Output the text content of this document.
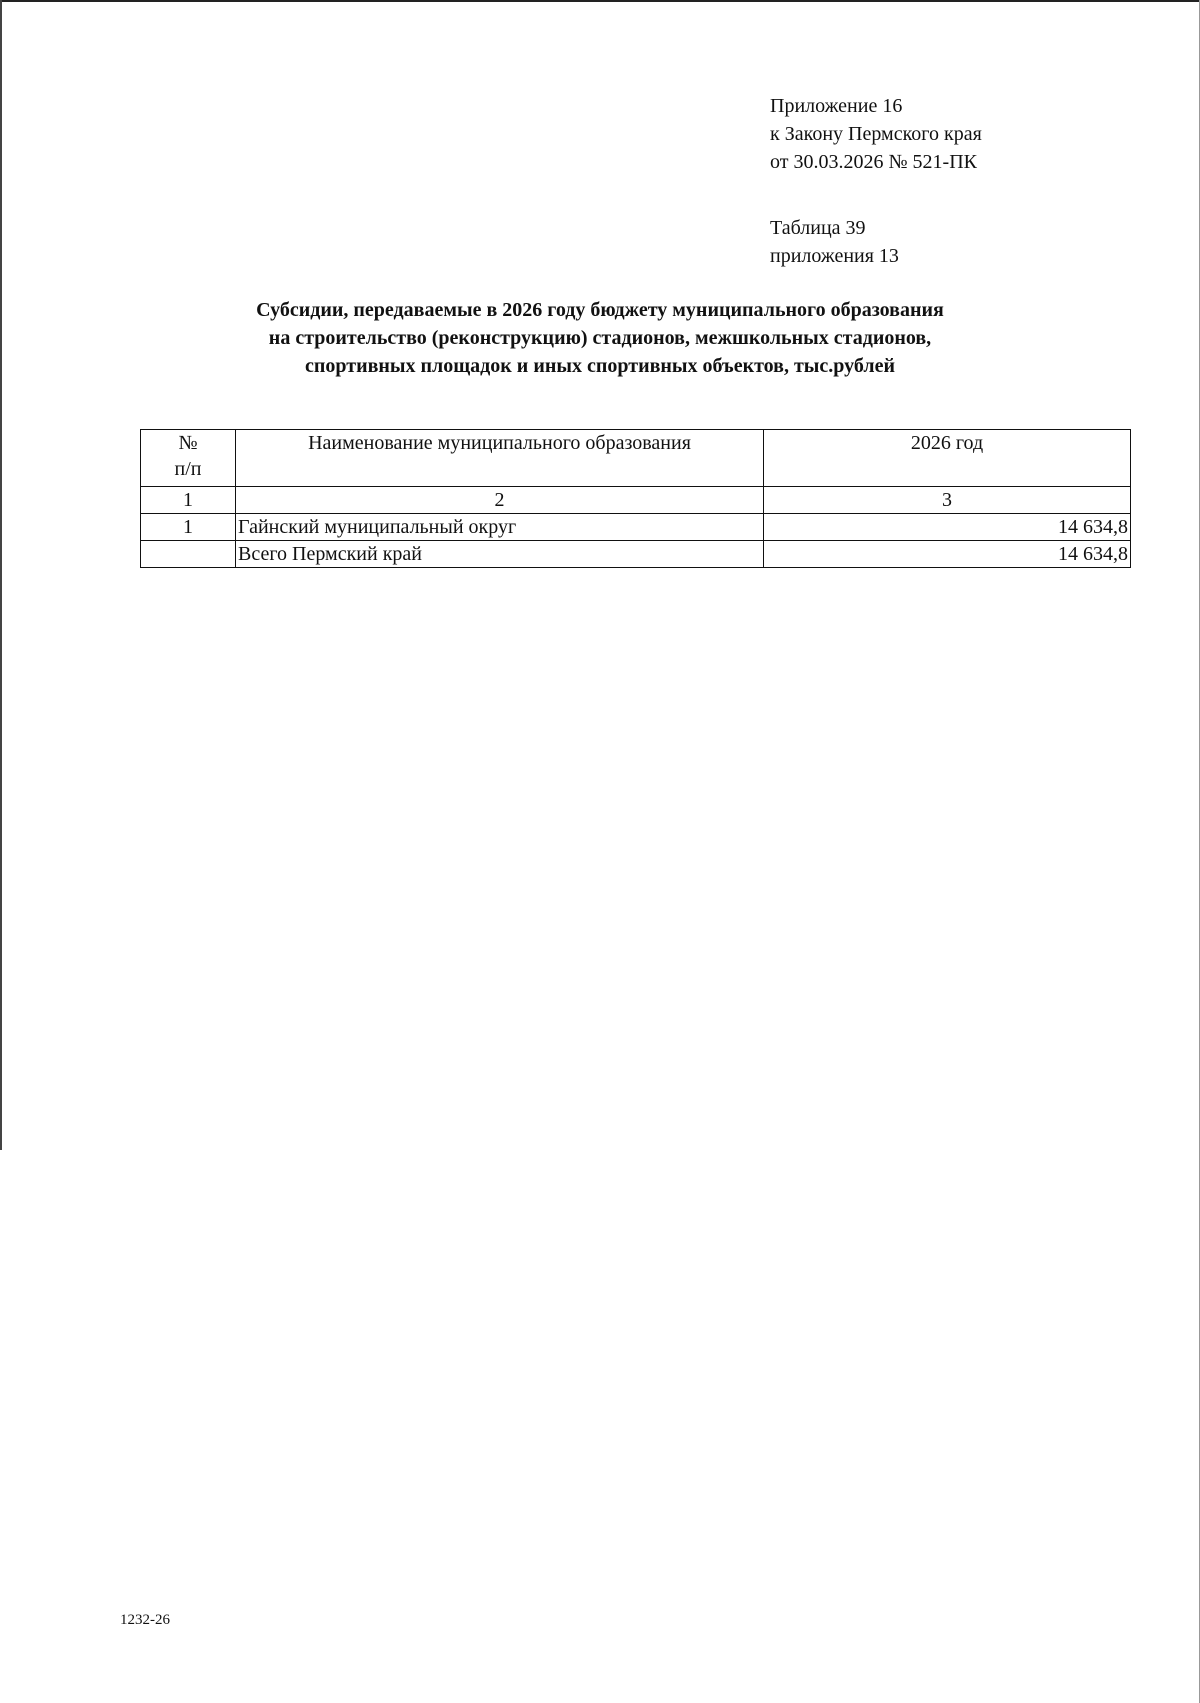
Приложение 16
к Закону Пермского края
от 30.03.2026 № 521-ПК
Таблица 39
приложения 13
Субсидии, передаваемые в 2026 году бюджету муниципального образования
на строительство (реконструкцию) стадионов, межшкольных стадионов,
спортивных площадок и иных спортивных объектов, тыс.рублей
№
п/п	Наименование муниципального образования	2026 год
1	2	3
1	Гайнский муниципальный округ	14 634,8
	Всего Пермский край	14 634,8
1232-26
